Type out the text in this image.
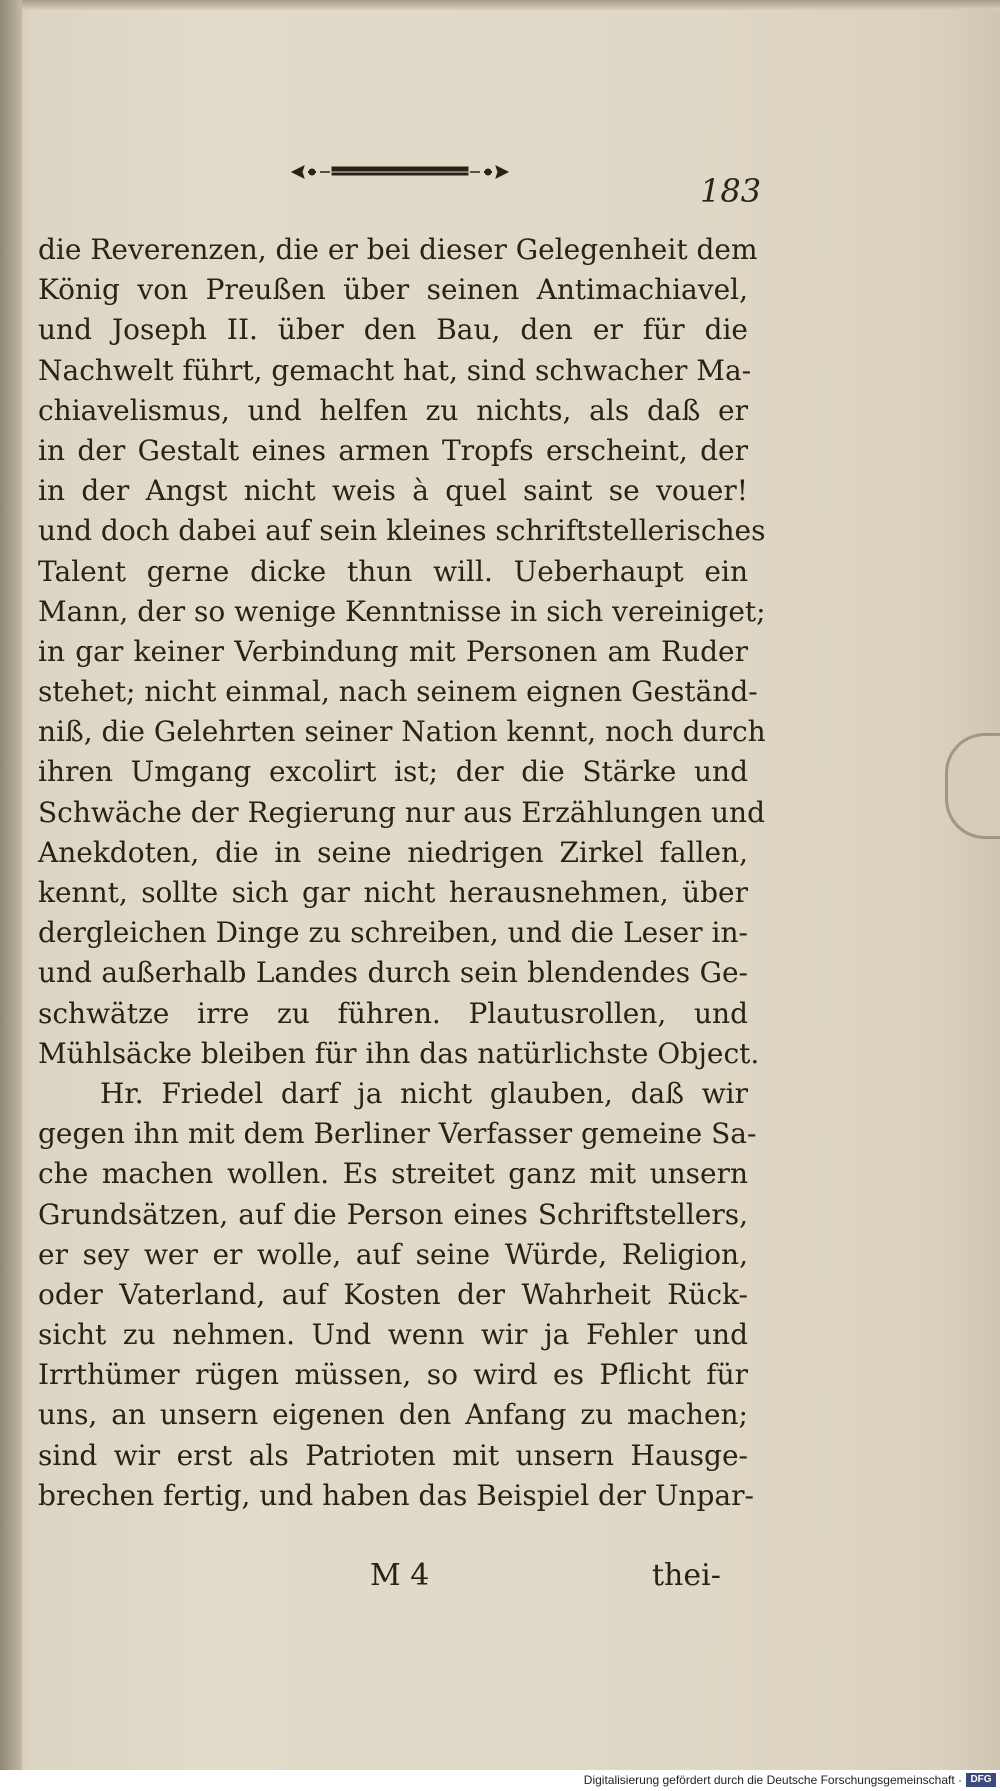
183
die Reverenzen, die er bei dieser Gelegenheit dem
König von Preußen über seinen Antimachiavel,
und Joseph II. über den Bau, den er für die
Nachwelt führt, gemacht hat, sind schwacher Ma-
chiavelismus, und helfen zu nichts, als daß er
in der Gestalt eines armen Tropfs erscheint, der
in der Angst nicht weis à quel saint se vouer!
und doch dabei auf sein kleines schriftstellerisches
Talent gerne dicke thun will. Ueberhaupt ein
Mann, der so wenige Kenntnisse in sich vereiniget;
in gar keiner Verbindung mit Personen am Ruder
stehet; nicht einmal, nach seinem eignen Geständ-
niß, die Gelehrten seiner Nation kennt, noch durch
ihren Umgang excolirt ist; der die Stärke und
Schwäche der Regierung nur aus Erzählungen und
Anekdoten, die in seine niedrigen Zirkel fallen,
kennt, sollte sich gar nicht herausnehmen, über
dergleichen Dinge zu schreiben, und die Leser in-
und außerhalb Landes durch sein blendendes Ge-
schwätze irre zu führen. Plautusrollen, und
Mühlsäcke bleiben für ihn das natürlichste Object.
Hr. Friedel darf ja nicht glauben, daß wir
gegen ihn mit dem Berliner Verfasser gemeine Sa-
che machen wollen. Es streitet ganz mit unsern
Grundsätzen, auf die Person eines Schriftstellers,
er sey wer er wolle, auf seine Würde, Religion,
oder Vaterland, auf Kosten der Wahrheit Rück-
sicht zu nehmen. Und wenn wir ja Fehler und
Irrthümer rügen müssen, so wird es Pflicht für
uns, an unsern eigenen den Anfang zu machen;
sind wir erst als Patrioten mit unsern Hausge-
brechen fertig, und haben das Beispiel der Unpar-
M 4	thei-
Digitalisierung gefördert durch die Deutsche Forschungsgemeinschaft · DFG
